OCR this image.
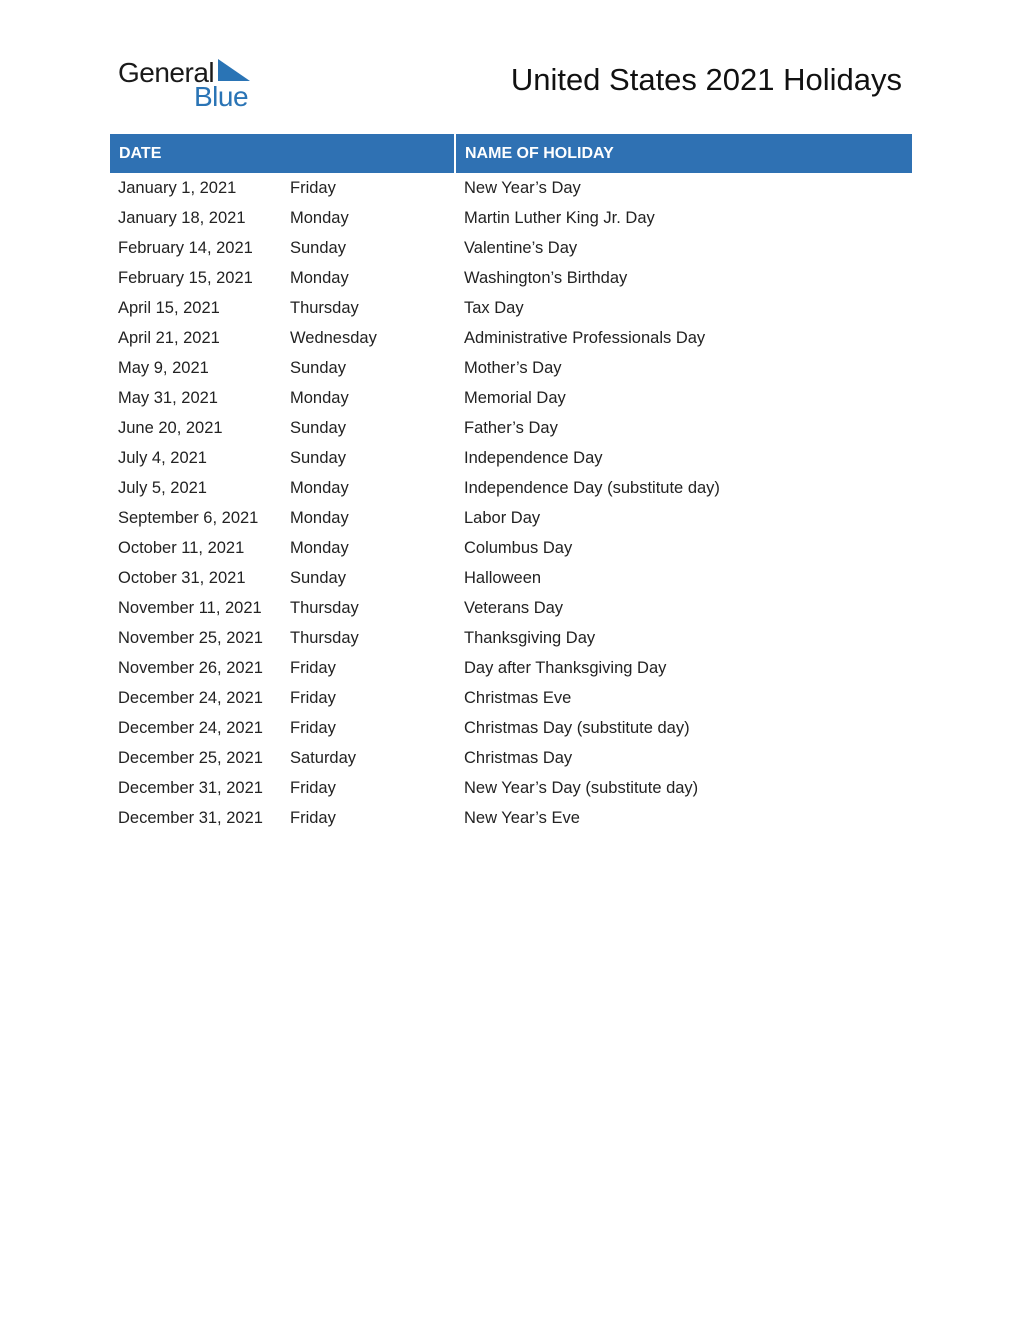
General
Blue	United States 2021 Holidays
DATE	NAME OF HOLIDAY
January 1, 2021	Friday	New Year’s Day
January 18, 2021	Monday	Martin Luther King Jr. Day
February 14, 2021	Sunday	Valentine’s Day
February 15, 2021	Monday	Washington’s Birthday
April 15, 2021	Thursday	Tax Day
April 21, 2021	Wednesday	Administrative Professionals Day
May 9, 2021	Sunday	Mother’s Day
May 31, 2021	Monday	Memorial Day
June 20, 2021	Sunday	Father’s Day
July 4, 2021	Sunday	Independence Day
July 5, 2021	Monday	Independence Day (substitute day)
September 6, 2021	Monday	Labor Day
October 11, 2021	Monday	Columbus Day
October 31, 2021	Sunday	Halloween
November 11, 2021	Thursday	Veterans Day
November 25, 2021	Thursday	Thanksgiving Day
November 26, 2021	Friday	Day after Thanksgiving Day
December 24, 2021	Friday	Christmas Eve
December 24, 2021	Friday	Christmas Day (substitute day)
December 25, 2021	Saturday	Christmas Day
December 31, 2021	Friday	New Year’s Day (substitute day)
December 31, 2021	Friday	New Year’s Eve
